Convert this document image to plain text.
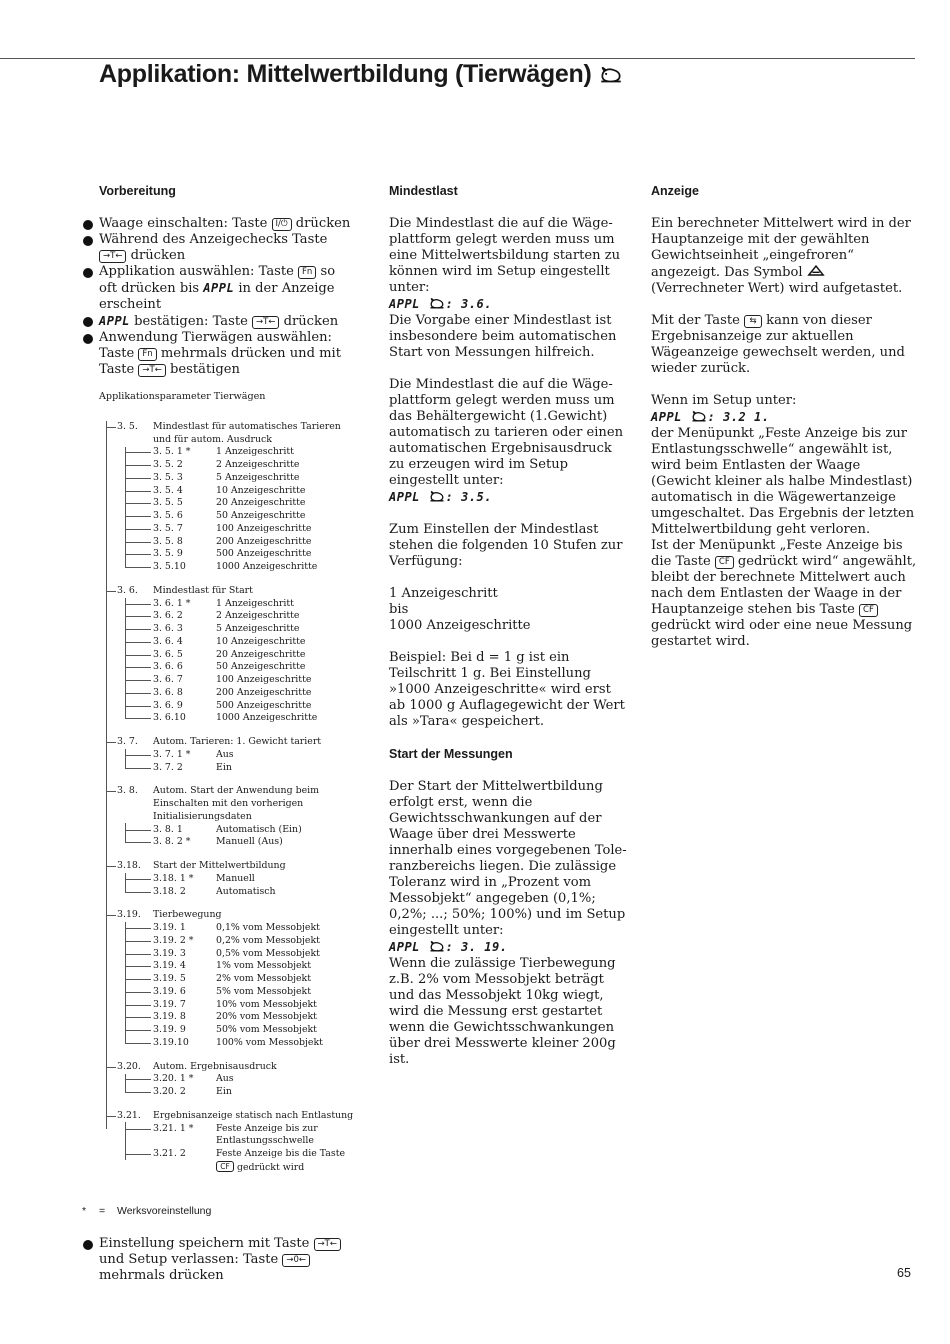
Applikation: Mittelwertbildung (Tierwägen)
Vorbereitung
Waage einschalten: Taste I/⏻ drücken
Während des Anzeigechecks Taste →T← drücken
Applikation auswählen: Taste Fn so oft drücken bis APPL in der Anzeige erscheint
APPL bestätigen: Taste →T← drücken
Anwendung Tierwägen auswählen: Taste Fn mehrmals drücken und mit Taste →T← bestätigen
Applikationsparameter Tierwägen
3. 5.	Mindestlast für automatisches Tarieren und für autom. Ausdruck
3. 5. 1 *	1 Anzeigeschritt
3. 5. 2	2 Anzeigeschritte
3. 5. 3	5 Anzeigeschritte
3. 5. 4	10 Anzeigeschritte
3. 5. 5	20 Anzeigeschritte
3. 5. 6	50 Anzeigeschritte
3. 5. 7	100 Anzeigeschritte
3. 5. 8	200 Anzeigeschritte
3. 5. 9	500 Anzeigeschritte
3. 5.10	1000 Anzeigeschritte
3. 6.	Mindestlast für Start
3. 6. 1 *	1 Anzeigeschritt
3. 6. 2	2 Anzeigeschritte
3. 6. 3	5 Anzeigeschritte
3. 6. 4	10 Anzeigeschritte
3. 6. 5	20 Anzeigeschritte
3. 6. 6	50 Anzeigeschritte
3. 6. 7	100 Anzeigeschritte
3. 6. 8	200 Anzeigeschritte
3. 6. 9	500 Anzeigeschritte
3. 6.10	1000 Anzeigeschritte
3. 7.	Autom. Tarieren: 1. Gewicht tariert
3. 7. 1 *	Aus
3. 7. 2	Ein
3. 8.	Autom. Start der Anwendung beim Einschalten mit den vorherigen Initialisierungsdaten
3. 8. 1	Automatisch (Ein)
3. 8. 2 *	Manuell (Aus)
3.18.	Start der Mittelwertbildung
3.18. 1 *	Manuell
3.18. 2	Automatisch
3.19.	Tierbewegung
3.19. 1	0,1% vom Messobjekt
3.19. 2 *	0,2% vom Messobjekt
3.19. 3	0,5% vom Messobjekt
3.19. 4	1% vom Messobjekt
3.19. 5	2% vom Messobjekt
3.19. 6	5% vom Messobjekt
3.19. 7	10% vom Messobjekt
3.19. 8	20% vom Messobjekt
3.19. 9	50% vom Messobjekt
3.19.10	100% vom Messobjekt
3.20.	Autom. Ergebnisausdruck
3.20. 1 *	Aus
3.20. 2	Ein
3.21.	Ergebnisanzeige statisch nach Entlastung
3.21. 1 *	Feste Anzeige bis zur Entlastungsschwelle
3.21. 2	Feste Anzeige bis die Taste CF gedrückt wird
* = Werksvoreinstellung
Einstellung speichern mit Taste →T← und Setup verlassen: Taste →0← mehrmals drücken
Mindestlast
Die Mindestlast die auf die Wägeplattform gelegt werden muss um eine Mittelwertsbildung starten zu können wird im Setup eingestellt unter:
APPL : 3.6.

Die Vorgabe einer Mindestlast ist insbesondere beim automatischen Start von Messungen hilfreich.

Die Mindestlast die auf die Wägeplattform gelegt werden muss um das Behältergewicht (1.Gewicht) automatisch zu tarieren oder einen automatischen Ergebnisausdruck zu erzeugen wird im Setup eingestellt unter:

APPL : 3.5.

Zum Einstellen der Mindestlast stehen die folgenden 10 Stufen zur Verfügung:

1 Anzeigeschritt
bis
1000 Anzeigeschritte

Beispiel: Bei d = 1 g ist ein Teilschritt 1 g. Bei Einstellung »1000 Anzeigeschritte« wird erst ab 1000 g Auflagegewicht der Wert als »Tara« gespeichert.

Start der Messungen
Der Start der Mittelwertbildung erfolgt erst, wenn die Gewichtsschwankungen auf der Waage über drei Messwerte innerhalb eines vorgegebenen Toleranzbereichs liegen. Die zulässige Toleranz wird in „Prozent vom Messobjekt“ angegeben (0,1%; 0,2%; ...; 50%; 100%) und im Setup eingestellt unter:
APPL : 3. 19.
Wenn die zulässige Tierbewegung z.B. 2% vom Messobjekt beträgt und das Messobjekt 10kg wiegt, wird die Messung erst gestartet wenn die Gewichtsschwankungen über drei Messwerte kleiner 200g ist.
Anzeige

Ein berechneter Mittelwert wird in der Hauptanzeige mit der gewählten Gewichtseinheit „eingefroren“ angezeigt. Das Symbol  (Verrechneter Wert) wird aufgetastet.

Mit der Taste ⇆ kann von dieser Ergebnisanzeige zur aktuellen Wägeanzeige gewechselt werden, und wieder zurück.

Wenn im Setup unter:
APPL : 3.2 1.
der Menüpunkt „Feste Anzeige bis zur Entlastungsschwelle“ angewählt ist, wird beim Entlasten der Waage (Gewicht kleiner als halbe Mindestlast) automatisch in die Wägewertanzeige umgeschaltet. Das Ergebnis der letzten Mittelwertbildung geht verloren.
Ist der Menüpunkt „Feste Anzeige bis die Taste CF gedrückt wird“ angewählt, bleibt der berechnete Mittelwert auch nach dem Entlasten der Waage in der Hauptanzeige stehen bis Taste CF gedrückt wird oder eine neue Messung gestartet wird.
65
